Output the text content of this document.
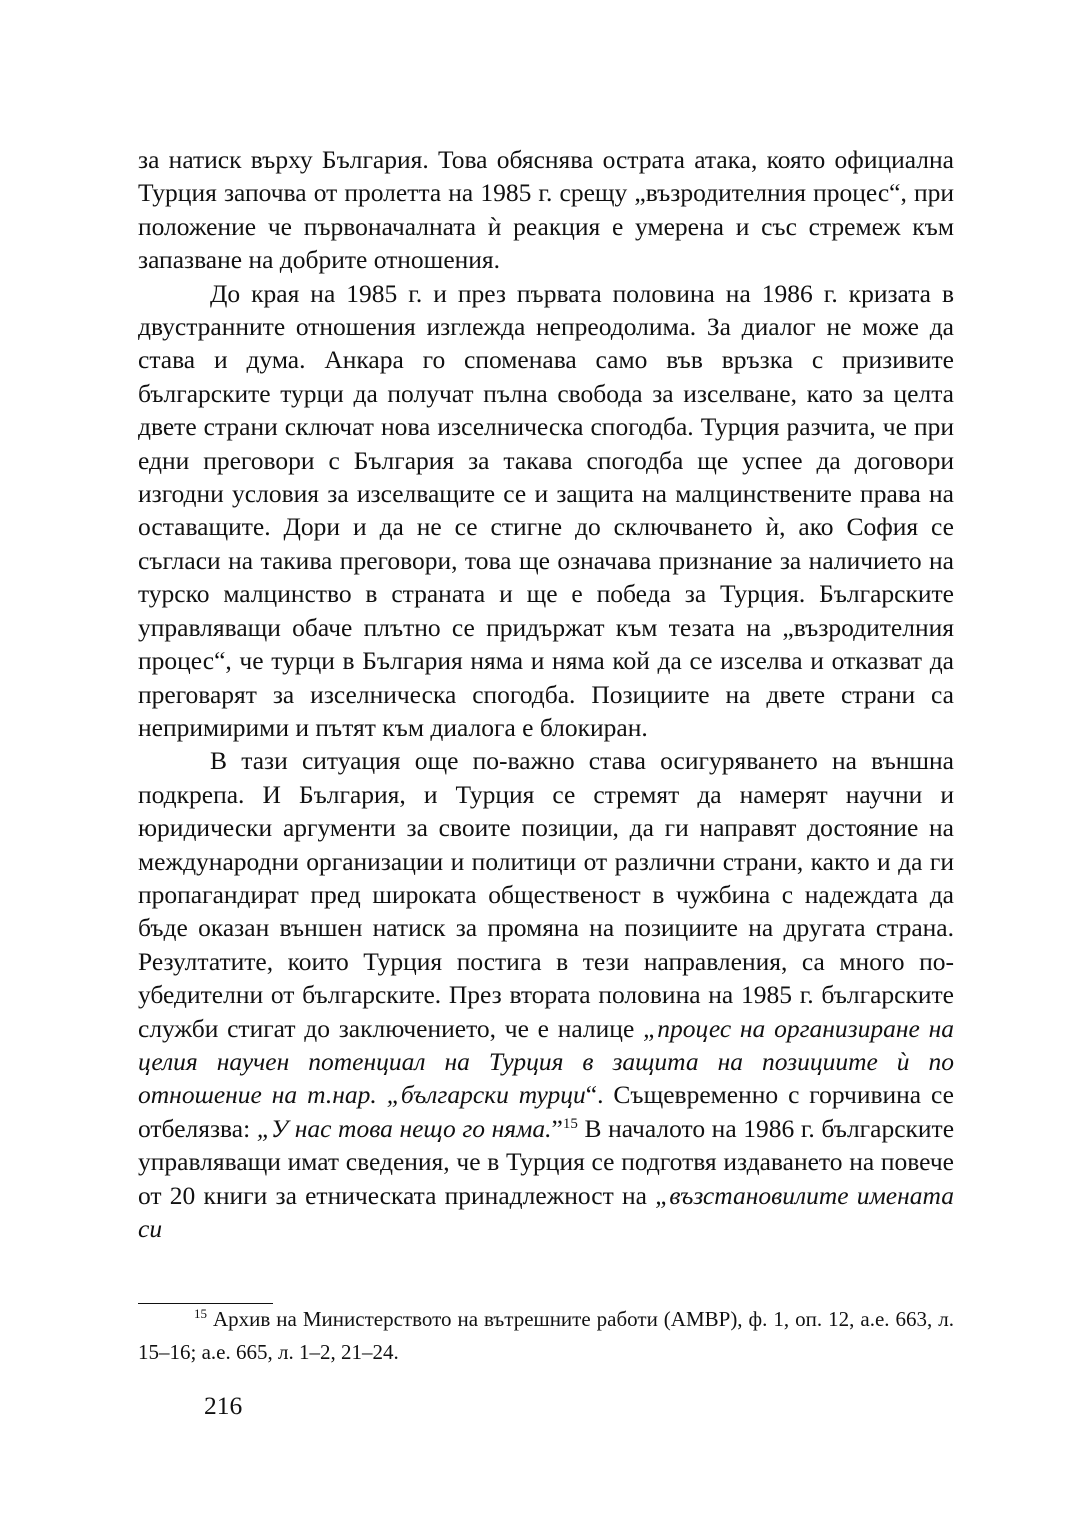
за натиск върху България. Това обяснява острата атака, която официална Турция започва от пролетта на 1985 г. срещу „възродителния процес“, при положение че първоначалната ѝ реакция е умерена и със стремеж към запазване на добрите отношения.

До края на 1985 г. и през първата половина на 1986 г. кризата в двустранните отношения изглежда непреодолима. За диалог не може да става и дума. Анкара го споменава само във връзка с призивите българските турци да получат пълна свобода за изселване, като за целта двете страни сключат нова изселническа спогодба. Турция разчита, че при едни преговори с България за такава спогодба ще успее да договори изгодни условия за изселващите се и защита на малцинствените права на оставащите. Дори и да не се стигне до сключването ѝ, ако София се съгласи на такива преговори, това ще означава признание за наличието на турско малцинство в страната и ще е победа за Турция. Българските управляващи обаче плътно се придържат към тезата на „възродителния процес“, че турци в България няма и няма кой да се изселва и отказват да преговарят за изселническа спогодба. Позициите на двете страни са непримирими и пътят към диалога е блокиран.

В тази ситуация още по-важно става осигуряването на външна подкрепа. И България, и Турция се стремят да намерят научни и юридически аргументи за своите позиции, да ги направят достояние на международни организации и политици от различни страни, както и да ги пропагандират пред широката общественост в чужбина с надеждата да бъде оказан външен натиск за промяна на позициите на другата страна. Резултатите, които Турция постига в тези направления, са много по-убедителни от българските. През втората половина на 1985 г. българските служби стигат до заключението, че е налице „процес на организиране на целия научен потенциал на Турция в защита на позициите ѝ по отношение на т.нар. „български турци“. Същевременно с горчивина се отбелязва: „У нас това нещо го няма.”$^{15}$ В началото на 1986 г. българските управляващи имат сведения, че в Турция се подготвя издаването на повече от 20 книги за етническата принадлежност на „възстановилите имената си

$^{15}$ Архив на Министерството на вътрешните работи (АМВР), ф. 1, оп. 12, а.е. 663, л. 15–16; а.е. 665, л. 1–2, 21–24.

216
